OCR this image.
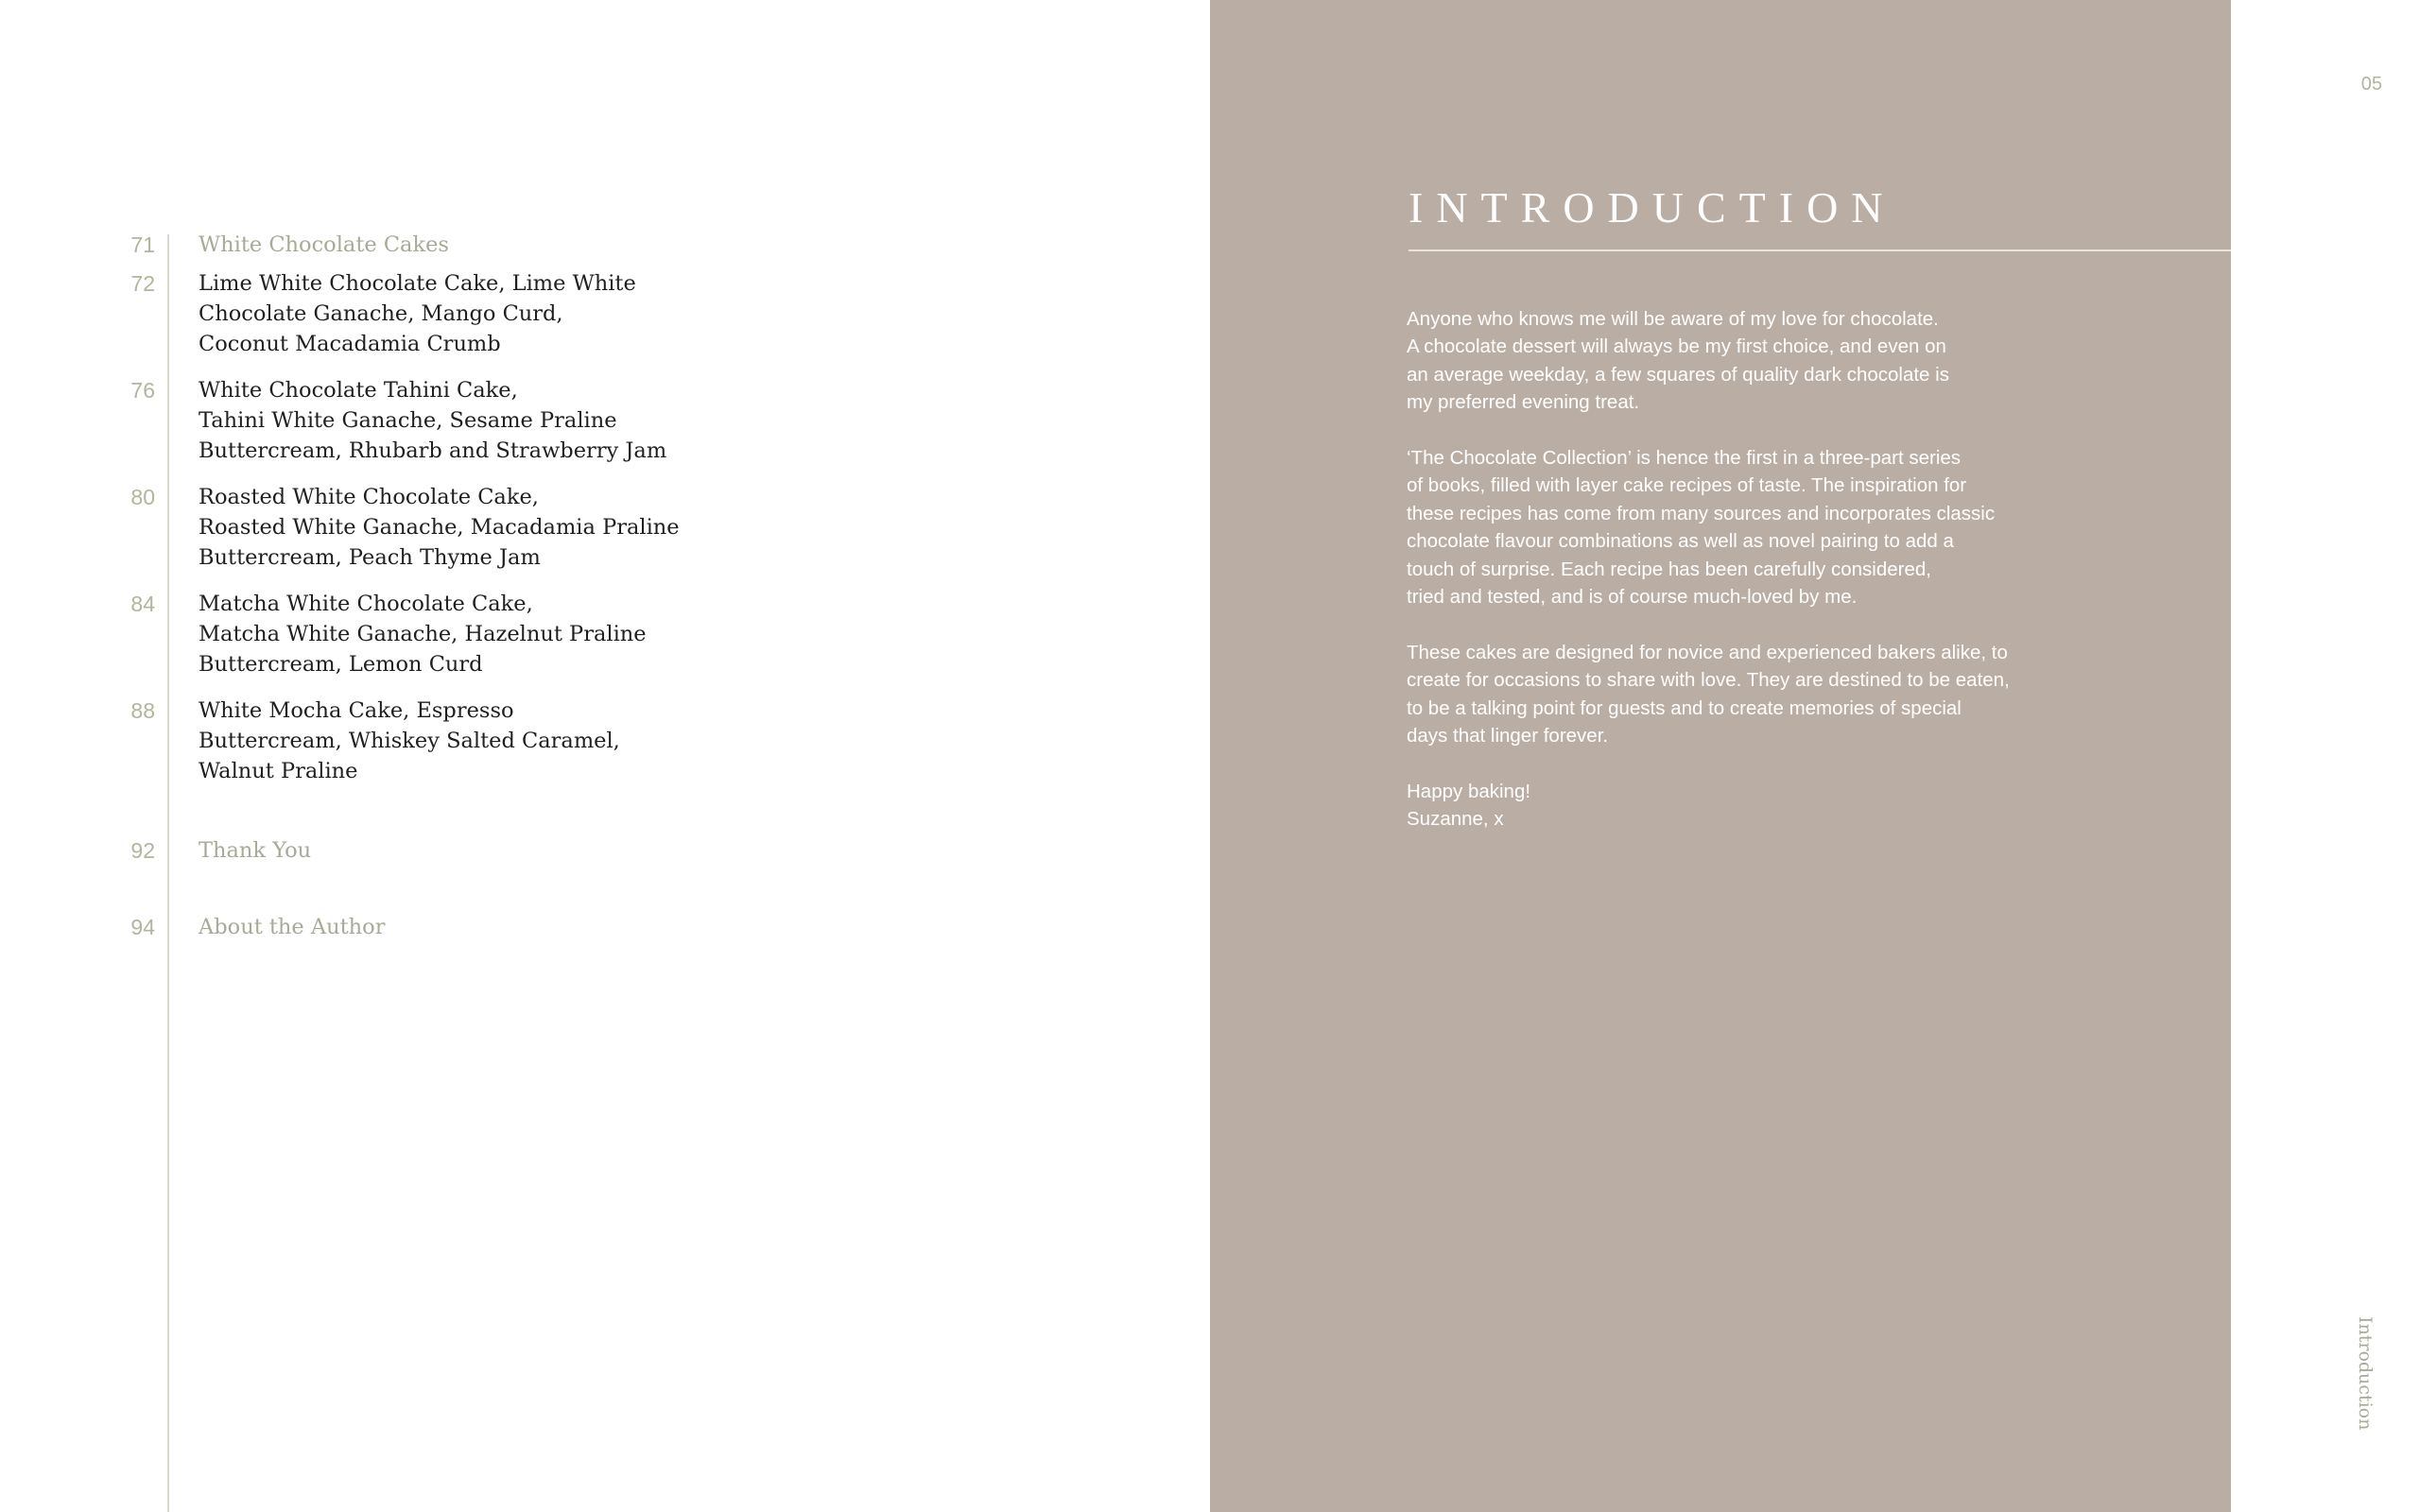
71 White Chocolate Cakes
72 Lime White Chocolate Cake, Lime White
Chocolate Ganache, Mango Curd,
Coconut Macadamia Crumb
76 White Chocolate Tahini Cake,
Tahini White Ganache, Sesame Praline
Buttercream, Rhubarb and Strawberry Jam
80 Roasted White Chocolate Cake,
Roasted White Ganache, Macadamia Praline
Buttercream, Peach Thyme Jam
84 Matcha White Chocolate Cake,
Matcha White Ganache, Hazelnut Praline
Buttercream, Lemon Curd
88 White Mocha Cake, Espresso
Buttercream, Whiskey Salted Caramel,
Walnut Praline
92 Thank You
94 About the Author
INTRODUCTION

Anyone who knows me will be aware of my love for chocolate.
A chocolate dessert will always be my first choice, and even on
an average weekday, a few squares of quality dark chocolate is
my preferred evening treat.

‘The Chocolate Collection’ is hence the first in a three-part series
of books, filled with layer cake recipes of taste. The inspiration for
these recipes has come from many sources and incorporates classic
chocolate flavour combinations as well as novel pairing to add a
touch of surprise. Each recipe has been carefully considered,
tried and tested, and is of course much-loved by me.

These cakes are designed for novice and experienced bakers alike, to
create for occasions to share with love. They are destined to be eaten,
to be a talking point for guests and to create memories of special
days that linger forever.

Happy baking!
Suzanne, x

05
Introduction
